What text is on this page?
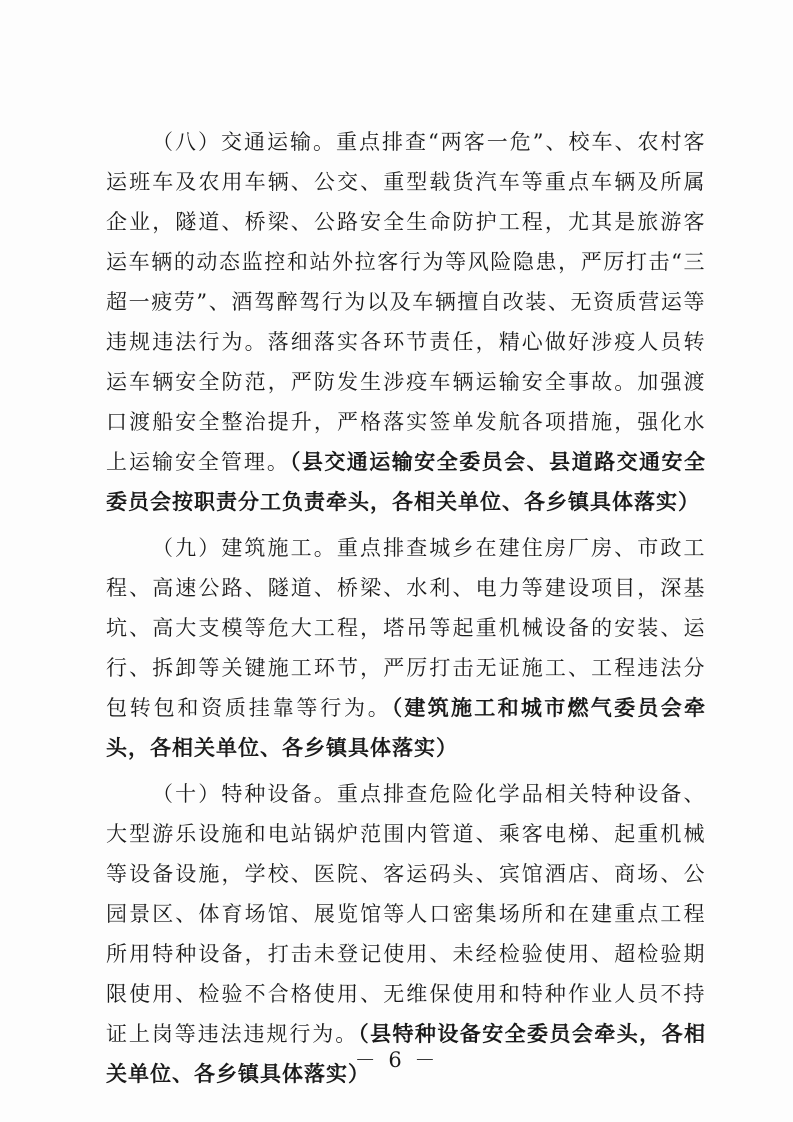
（八）交通运输。重点排查“两客一危”、校车、农村客运班车及农用车辆、公交、重型载货汽车等重点车辆及所属企业，隧道、桥梁、公路安全生命防护工程，尤其是旅游客运车辆的动态监控和站外拉客行为等风险隐患，严厉打击“三超一疲劳”、酒驾醉驾行为以及车辆擅自改装、无资质营运等违规违法行为。落细落实各环节责任，精心做好涉疫人员转运车辆安全防范，严防发生涉疫车辆运输安全事故。加强渡口渡船安全整治提升，严格落实签单发航各项措施，强化水上运输安全管理。（县交通运输安全委员会、县道路交通安全委员会按职责分工负责牵头，各相关单位、各乡镇具体落实）

（九）建筑施工。重点排查城乡在建住房厂房、市政工程、高速公路、隧道、桥梁、水利、电力等建设项目，深基坑、高大支模等危大工程，塔吊等起重机械设备的安装、运行、拆卸等关键施工环节，严厉打击无证施工、工程违法分包转包和资质挂靠等行为。（建筑施工和城市燃气委员会牵头，各相关单位、各乡镇具体落实）

（十）特种设备。重点排查危险化学品相关特种设备、大型游乐设施和电站锅炉范围内管道、乘客电梯、起重机械等设备设施，学校、医院、客运码头、宾馆酒店、商场、公园景区、体育场馆、展览馆等人口密集场所和在建重点工程所用特种设备，打击未登记使用、未经检验使用、超检验期限使用、检验不合格使用、无维保使用和特种作业人员不持证上岗等违法违规行为。（县特种设备安全委员会牵头，各相关单位、各乡镇具体落实）

－ 6 －
